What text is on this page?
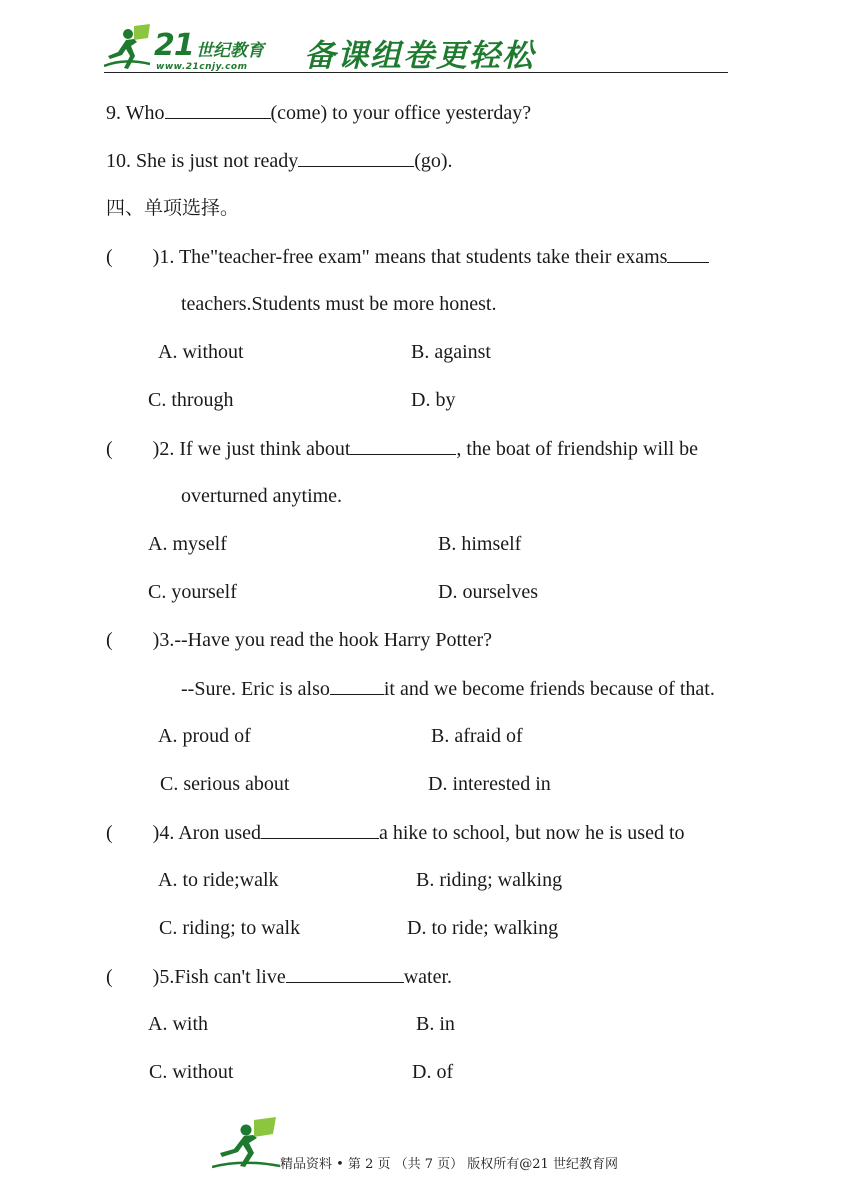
21 世纪教育
www.21cnjy.com 备课组卷更轻松
9. Who	(come) to your office yesterday?
10. She is just not ready	(go).
四、单项选择。
(        )1. The"teacher-free exam" means that students take their exams
teachers.Students must be more honest.
A. without	B. against
C. through	D. by
(        )2. If we just think about	, the boat of friendship will be
overturned anytime.
A. myself	B. himself
C. yourself	D. ourselves
(        )3.--Have you read the hook Harry Potter?
--Sure. Eric is also	it and we become friends because of that.
A. proud of	B. afraid of
C. serious about	D. interested in
(        )4. Aron used	a hike to school, but now he is used to
A. to ride;walk	B. riding; walking
C. riding; to walk	D. to ride; walking
(        )5.Fish can't live	water.
A. with	B. in
C. without	D. of
精品资料 • 第 2 页 （共 7 页） 版权所有@21 世纪教育网
